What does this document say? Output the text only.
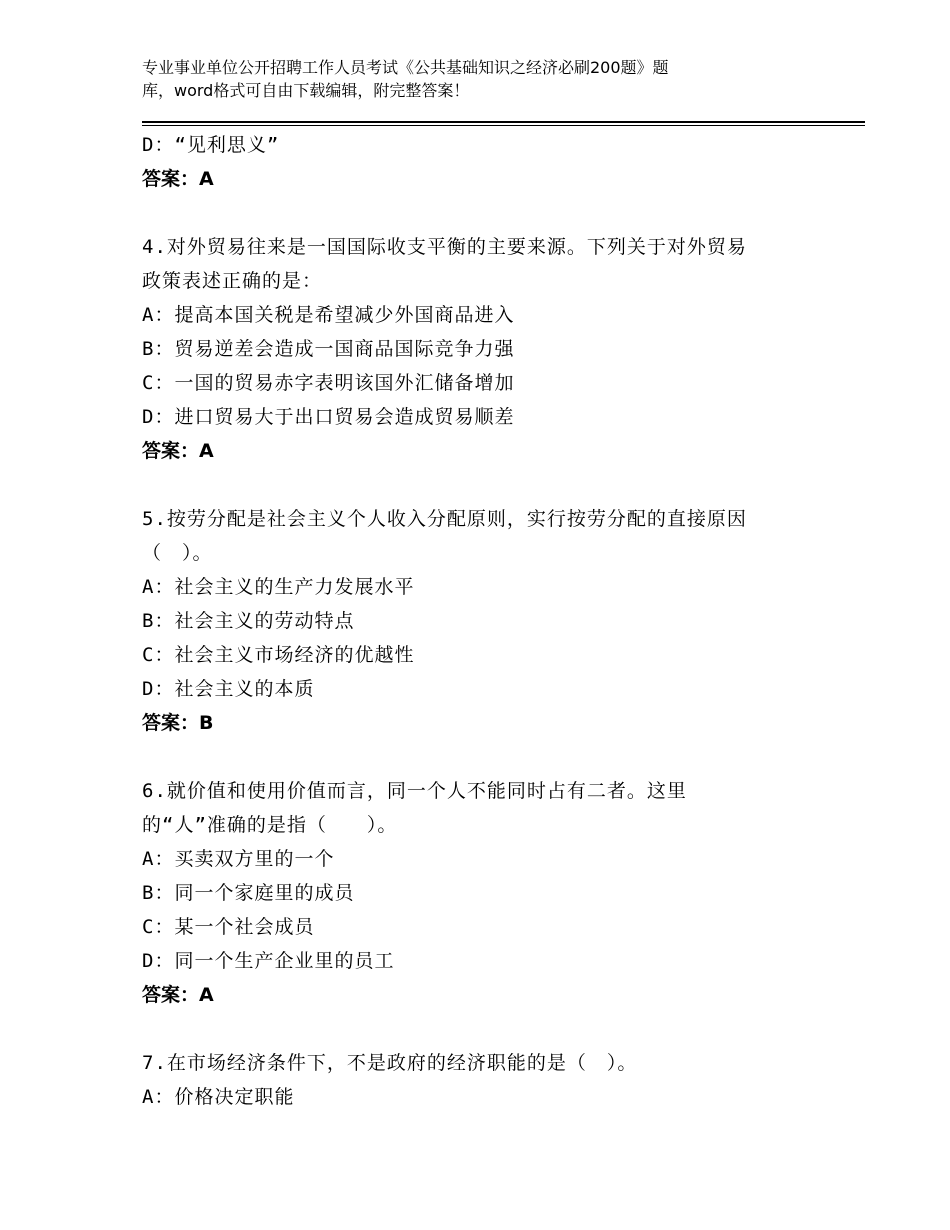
专业事业单位公开招聘工作人员考试《公共基础知识之经济必刷200题》题
库，word格式可自由下载编辑，附完整答案！
D：“见利思义”
答案：A
4.对外贸易往来是一国国际收支平衡的主要来源。下列关于对外贸易
政策表述正确的是：
A：提高本国关税是希望减少外国商品进入
B：贸易逆差会造成一国商品国际竞争力强
C：一国的贸易赤字表明该国外汇储备增加
D：进口贸易大于出口贸易会造成贸易顺差
答案：A
5.按劳分配是社会主义个人收入分配原则，实行按劳分配的直接原因
（　）。
A：社会主义的生产力发展水平
B：社会主义的劳动特点
C：社会主义市场经济的优越性
D：社会主义的本质
答案：B
6.就价值和使用价值而言，同一个人不能同时占有二者。这里
的“人”准确的是指（　　）。
A：买卖双方里的一个
B：同一个家庭里的成员
C：某一个社会成员
D：同一个生产企业里的员工
答案：A
7.在市场经济条件下，不是政府的经济职能的是（　）。
A：价格决定职能
